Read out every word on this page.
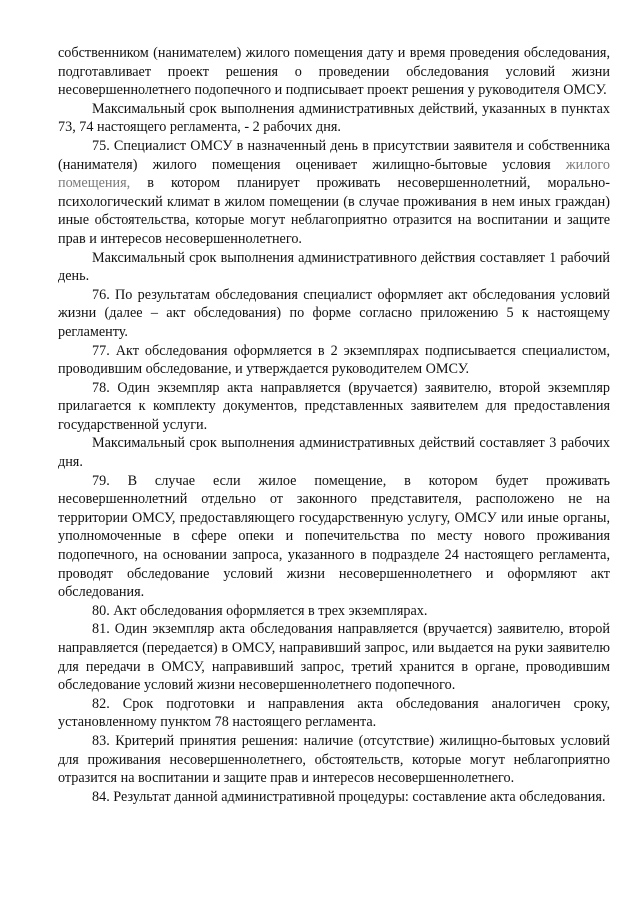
собственником (нанимателем) жилого помещения дату и время проведения обследования, подготавливает проект решения о проведении обследования условий жизни несовершеннолетнего подопечного и подписывает проект решения у руководителя ОМСУ.

Максимальный срок выполнения административных действий, указанных в пунктах 73, 74 настоящего регламента, - 2 рабочих дня.

75. Специалист ОМСУ в назначенный день в присутствии заявителя и собственника (нанимателя) жилого помещения оценивает жилищно-бытовые условия жилого помещения, в котором планирует проживать несовершеннолетний, морально-психологический климат в жилом помещении (в случае проживания в нем иных граждан) иные обстоятельства, которые могут неблагоприятно отразится на воспитании и защите прав и интересов несовершеннолетнего.

Максимальный срок выполнения административного действия составляет 1 рабочий день.

76. По результатам обследования специалист оформляет акт обследования условий жизни (далее – акт обследования) по форме согласно приложению 5 к настоящему регламенту.

77. Акт обследования оформляется в 2 экземплярах подписывается специалистом, проводившим обследование, и утверждается руководителем ОМСУ.

78. Один экземпляр акта направляется (вручается) заявителю, второй экземпляр прилагается к комплекту документов, представленных заявителем для предоставления государственной услуги.

Максимальный срок выполнения административных действий составляет 3 рабочих дня.

79. В случае если жилое помещение, в котором будет проживать несовершеннолетний отдельно от законного представителя, расположено не на территории ОМСУ, предоставляющего государственную услугу, ОМСУ или иные органы, уполномоченные в сфере опеки и попечительства по месту нового проживания подопечного, на основании запроса, указанного в подразделе 24 настоящего регламента, проводят обследование условий жизни несовершеннолетнего и оформляют акт обследования.

80. Акт обследования оформляется в трех экземплярах.

81. Один экземпляр акта обследования направляется (вручается) заявителю, второй направляется (передается) в ОМСУ, направивший запрос, или выдается на руки заявителю для передачи в ОМСУ, направивший запрос, третий хранится в органе, проводившим обследование условий жизни несовершеннолетнего подопечного.

82. Срок подготовки и направления акта обследования аналогичен сроку, установленному пунктом 78 настоящего регламента.

83. Критерий принятия решения: наличие (отсутствие) жилищно-бытовых условий для проживания несовершеннолетнего, обстоятельств, которые могут неблагоприятно отразится на воспитании и защите прав и интересов несовершеннолетнего.

84. Результат данной административной процедуры: составление акта обследования.
